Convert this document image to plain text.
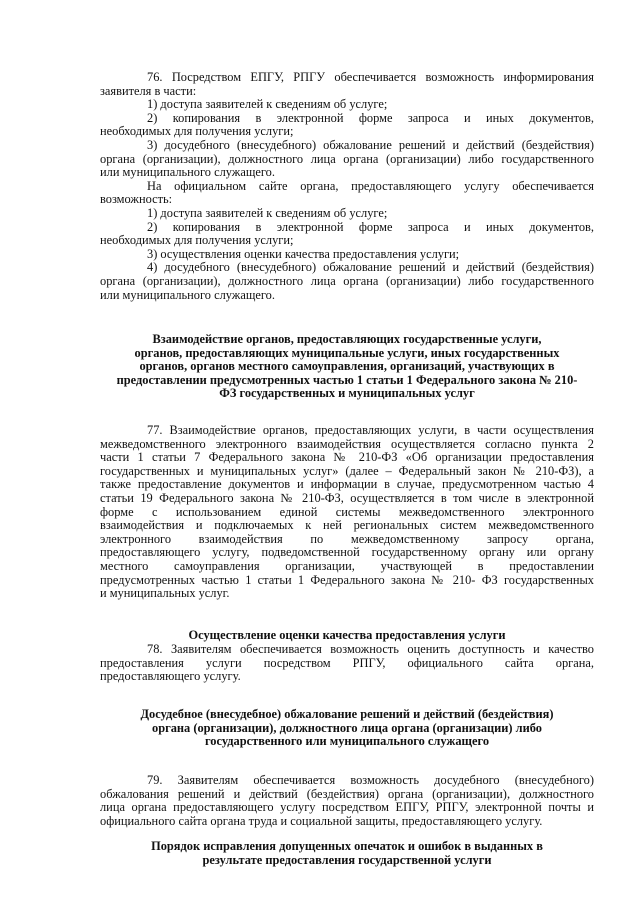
76. Посредством ЕПГУ, РПГУ обеспечивается возможность информирования
заявителя в части:
1) доступа заявителей к сведениям об услуге;
2) копирования в электронной форме запроса и иных документов,
необходимых для получения услуги;
3) досудебного (внесудебного) обжалование решений и действий (бездействия)
органа (организации), должностного лица органа (организации) либо государственного
или муниципального служащего.
На официальном сайте органа, предоставляющего услугу обеспечивается
возможность:
1) доступа заявителей к сведениям об услуге;
2) копирования в электронной форме запроса и иных документов,
необходимых для получения услуги;
3) осуществления оценки качества предоставления услуги;
4) досудебного (внесудебного) обжалование решений и действий (бездействия)
органа (организации), должностного лица органа (организации) либо государственного
или муниципального служащего.
Взаимодействие органов, предоставляющих государственные услуги,
органов, предоставляющих муниципальные услуги, иных государственных
органов, органов местного самоуправления, организаций, участвующих в
предоставлении предусмотренных частью 1 статьи 1 Федерального закона № 210-
ФЗ государственных и муниципальных услуг
77. Взаимодействие органов, предоставляющих услуги, в части осуществления
межведомственного электронного взаимодействия осуществляется согласно пункта 2
части 1 статьи 7 Федерального закона № 210-ФЗ «Об организации предоставления
государственных и муниципальных услуг» (далее – Федеральный закон № 210-ФЗ), а
также предоставление документов и информации в случае, предусмотренном частью 4
статьи 19 Федерального закона № 210-ФЗ, осуществляется в том числе в электронной
форме с использованием единой системы межведомственного электронного
взаимодействия и подключаемых к ней региональных систем межведомственного
электронного взаимодействия по межведомственному запросу органа,
предоставляющего услугу, подведомственной государственному органу или органу
местного самоуправления организации, участвующей в предоставлении
предусмотренных частью 1 статьи 1 Федерального закона № 210- ФЗ государственных
и муниципальных услуг.
Осуществление оценки качества предоставления услуги
78. Заявителям обеспечивается возможность оценить доступность и качество
предоставления услуги посредством РПГУ, официального сайта органа,
предоставляющего услугу.
Досудебное (внесудебное) обжалование решений и действий (бездействия)
органа (организации), должностного лица органа (организации) либо
государственного или муниципального служащего
79. Заявителям обеспечивается возможность досудебного (внесудебного)
обжалования решений и действий (бездействия) органа (организации), должностного
лица органа предоставляющего услугу посредством ЕПГУ, РПГУ, электронной почты и
официального сайта органа труда и социальной защиты, предоставляющего услугу.
Порядок исправления допущенных опечаток и ошибок в выданных в
результате предоставления государственной услуги
